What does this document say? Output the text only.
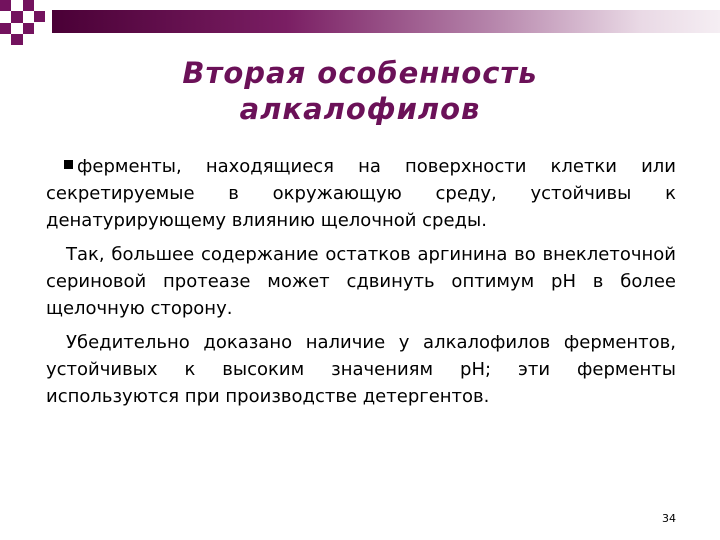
Вторая особенность
алкалофилов

ферменты, находящиеся на поверхности клетки или секретируемые в окружающую среду, устойчивы к денатурирующему влиянию щелочной среды.

Так, большее содержание остатков аргинина во внеклеточной сериновой протеазе может сдвинуть оптимум рН в более щелочную сторону.

Убедительно доказано наличие у алкалофилов ферментов, устойчивых к высоким значениям рН; эти ферменты используются при производстве детергентов.

34
